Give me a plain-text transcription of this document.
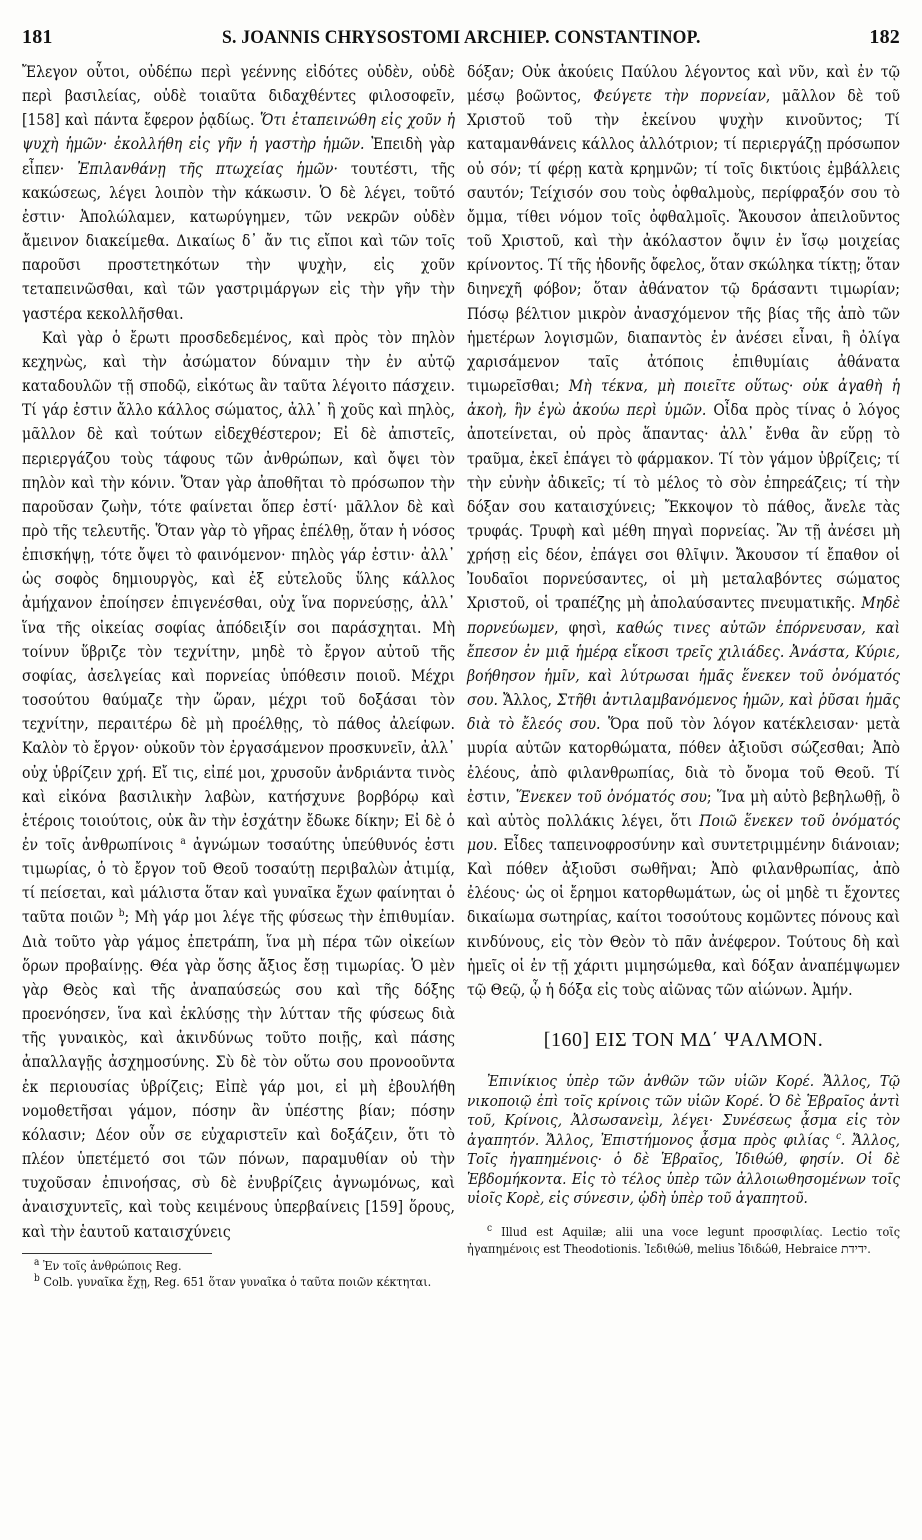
181	S. JOANNIS CHRYSOSTOMI ARCHIEP. CONSTANTINOP.	182

Ἔλεγον οὗτοι, οὐδέπω περὶ γεέννης εἰδότες οὐδὲν, οὐδὲ περὶ βασιλείας, οὐδὲ τοιαῦτα διδαχθέντες φιλοσοφεῖν, [158] καὶ πάντα ἔφερον ῥᾳδίως. Ὅτι ἐταπεινώθη εἰς χοῦν ἡ ψυχὴ ἡμῶν· ἐκολλήθη εἰς γῆν ἡ γαστὴρ ἡμῶν. Ἐπειδὴ γὰρ εἶπεν· Ἐπιλανθάνῃ τῆς πτωχείας ἡμῶν· τουτέστι, τῆς κακώσεως, λέγει λοιπὸν τὴν κάκωσιν. Ὁ δὲ λέγει, τοῦτό ἐστιν· Ἀπολώλαμεν, κατωρύγημεν, τῶν νεκρῶν οὐδὲν ἄμεινον διακείμεθα. Δικαίως δ᾽ ἄν τις εἴποι καὶ τῶν τοῖς παροῦσι προστετηκότων τὴν ψυχὴν, εἰς χοῦν τεταπεινῶσθαι, καὶ τῶν γαστριμάργων εἰς τὴν γῆν τὴν γαστέρα κεκολλῆσθαι.

Καὶ γὰρ ὁ ἔρωτι προσδεδεμένος, καὶ πρὸς τὸν πηλὸν κεχηνὼς, καὶ τὴν ἀσώματον δύναμιν τὴν ἐν αὐτῷ καταδουλῶν τῇ σποδῷ, εἰκότως ἂν ταῦτα λέγοιτο πάσχειν. Τί γάρ ἐστιν ἄλλο κάλλος σώματος, ἀλλ᾽ ἢ χοῦς καὶ πηλὸς, μᾶλλον δὲ καὶ τούτων εἰδεχθέστερον; Εἰ δὲ ἀπιστεῖς, περιεργάζου τοὺς τάφους τῶν ἀνθρώπων, καὶ ὄψει τὸν πηλὸν καὶ τὴν κόνιν. Ὅταν γὰρ ἀποθῆται τὸ πρόσωπον τὴν παροῦσαν ζωὴν, τότε φαίνεται ὅπερ ἐστί· μᾶλλον δὲ καὶ πρὸ τῆς τελευτῆς. Ὅταν γὰρ τὸ γῆρας ἐπέλθῃ, ὅταν ἡ νόσος ἐπισκήψῃ, τότε ὄψει τὸ φαινόμενον· πηλὸς γάρ ἐστιν· ἀλλ᾽ ὡς σοφὸς δημιουργὸς, καὶ ἐξ εὐτελοῦς ὕλης κάλλος ἀμήχανον ἐποίησεν ἐπιγενέσθαι, οὐχ ἵνα πορνεύσῃς, ἀλλ᾽ ἵνα τῆς οἰκείας σοφίας ἀπόδειξίν σοι παράσχηται. Μὴ τοίνυν ὕβριζε τὸν τεχνίτην, μηδὲ τὸ ἔργον αὐτοῦ τῆς σοφίας, ἀσελγείας καὶ πορνείας ὑπόθεσιν ποιοῦ. Μέχρι τοσούτου θαύμαζε τὴν ὥραν, μέχρι τοῦ δοξάσαι τὸν τεχνίτην, περαιτέρω δὲ μὴ προέλθῃς, τὸ πάθος ἀλείφων. Καλὸν τὸ ἔργον· οὐκοῦν τὸν ἐργασάμενον προσκυνεῖν, ἀλλ᾽ οὐχ ὑβρίζειν χρή. Εἴ τις, εἰπέ μοι, χρυσοῦν ἀνδριάντα τινὸς καὶ εἰκόνα βασιλικὴν λαβὼν, κατήσχυνε βορβόρῳ καὶ ἑτέροις τοιούτοις, οὐκ ἂν τὴν ἐσχάτην ἔδωκε δίκην; Εἰ δὲ ὁ ἐν τοῖς ἀνθρωπίνοις $^a$ ἀγνώμων τοσαύτης ὑπεύθυνός ἐστι τιμωρίας, ὁ τὸ ἔργον τοῦ Θεοῦ τοσαύτῃ περιβαλὼν ἀτιμίᾳ, τί πείσεται, καὶ μάλιστα ὅταν καὶ γυναῖκα ἔχων φαίνηται ὁ ταῦτα ποιῶν $^b$; Μὴ γάρ μοι λέγε τῆς φύσεως τὴν ἐπιθυμίαν. Διὰ τοῦτο γὰρ γάμος ἐπετράπη, ἵνα μὴ πέρα τῶν οἰκείων ὅρων προβαίνῃς. Θέα γὰρ ὅσης ἄξιος ἔσῃ τιμωρίας. Ὁ μὲν γὰρ Θεὸς καὶ τῆς ἀναπαύσεώς σου καὶ τῆς δόξης προενόησεν, ἵνα καὶ ἐκλύσῃς τὴν λύτταν τῆς φύσεως διὰ τῆς γυναικὸς, καὶ ἀκινδύνως τοῦτο ποιῇς, καὶ πάσης ἀπαλλαγῇς ἀσχημοσύνης. Σὺ δὲ τὸν οὕτω σου προνοοῦντα ἐκ περιουσίας ὑβρίζεις; Εἰπὲ γάρ μοι, εἰ μὴ ἐβουλήθη νομοθετῆσαι γάμον, πόσην ἂν ὑπέστης βίαν; πόσην κόλασιν; Δέον οὖν σε εὐχαριστεῖν καὶ δοξάζειν, ὅτι τὸ πλέον ὑπετέμετό σοι τῶν πόνων, παραμυθίαν οὐ τὴν τυχοῦσαν ἐπινοήσας, σὺ δὲ ἐνυβρίζεις ἀγνωμόνως, καὶ ἀναισχυντεῖς, καὶ τοὺς κειμένους ὑπερβαίνεις [159] ὅρους, καὶ τὴν ἑαυτοῦ καταισχύνεις

$^a$ Ἐν τοῖς ἀνθρώποις Reg.

$^b$ Colb. γυναῖκα ἔχῃ, Reg. 651 ὅταν γυναῖκα ὁ ταῦτα ποιῶν κέκτηται.

δόξαν; Οὐκ ἀκούεις Παύλου λέγοντος καὶ νῦν, καὶ ἐν τῷ μέσῳ βοῶντος, Φεύγετε τὴν πορνείαν, μᾶλλον δὲ τοῦ Χριστοῦ τοῦ τὴν ἐκείνου ψυχὴν κινοῦντος; Τί καταμανθάνεις κάλλος ἀλλότριον; τί περιεργάζῃ πρόσωπον οὐ σόν; τί φέρῃ κατὰ κρημνῶν; τί τοῖς δικτύοις ἐμβάλλεις σαυτόν; Τείχισόν σου τοὺς ὀφθαλμοὺς, περίφραξόν σου τὸ ὄμμα, τίθει νόμον τοῖς ὀφθαλμοῖς. Ἄκουσον ἀπειλοῦντος τοῦ Χριστοῦ, καὶ τὴν ἀκόλαστον ὄψιν ἐν ἴσῳ μοιχείας κρίνοντος. Τί τῆς ἡδονῆς ὄφελος, ὅταν σκώληκα τίκτῃ; ὅταν διηνεχῆ φόβον; ὅταν ἀθάνατον τῷ δράσαντι τιμωρίαν; Πόσῳ βέλτιον μικρὸν ἀνασχόμενον τῆς βίας τῆς ἀπὸ τῶν ἡμετέρων λογισμῶν, διαπαντὸς ἐν ἀνέσει εἶναι, ἢ ὀλίγα χαρισάμενον ταῖς ἀτόποις ἐπιθυμίαις ἀθάνατα τιμωρεῖσθαι; Μὴ τέκνα, μὴ ποιεῖτε οὕτως· οὐκ ἀγαθὴ ἡ ἀκοὴ, ἣν ἐγὼ ἀκούω περὶ ὑμῶν. Οἶδα πρὸς τίνας ὁ λόγος ἀποτείνεται, οὐ πρὸς ἅπαντας· ἀλλ᾽ ἔνθα ἂν εὕρῃ τὸ τραῦμα, ἐκεῖ ἐπάγει τὸ φάρμακον. Τί τὸν γάμον ὑβρίζεις; τί τὴν εὐνὴν ἀδικεῖς; τί τὸ μέλος τὸ σὸν ἐπηρεάζεις; τί τὴν δόξαν σου καταισχύνεις; Ἔκκοψον τὸ πάθος, ἄνελε τὰς τρυφάς. Τρυφὴ καὶ μέθη πηγαὶ πορνείας. Ἂν τῇ ἀνέσει μὴ χρήσῃ εἰς δέον, ἐπάγει σοι θλῖψιν. Ἄκουσον τί ἔπαθον οἱ Ἰουδαῖοι πορνεύσαντες, οἱ μὴ μεταλαβόντες σώματος Χριστοῦ, οἱ τραπέζης μὴ ἀπολαύσαντες πνευματικῆς. Μηδὲ πορνεύωμεν, φησὶ, καθώς τινες αὐτῶν ἐπόρνευσαν, καὶ ἔπεσον ἐν μιᾷ ἡμέρᾳ εἴκοσι τρεῖς χιλιάδες. Ἀνάστα, Κύριε, βοήθησον ἡμῖν, καὶ λύτρωσαι ἡμᾶς ἕνεκεν τοῦ ὀνόματός σου. Ἄλλος, Στῆθι ἀντιλαμβανόμενος ἡμῶν, καὶ ῥῦσαι ἡμᾶς διὰ τὸ ἔλεός σου. Ὅρα ποῦ τὸν λόγον κατέκλεισαν· μετὰ μυρία αὐτῶν κατορθώματα, πόθεν ἀξιοῦσι σώζεσθαι; Ἀπὸ ἐλέους, ἀπὸ φιλανθρωπίας, διὰ τὸ ὄνομα τοῦ Θεοῦ. Τί ἐστιν, Ἕνεκεν τοῦ ὀνόματός σου; Ἵνα μὴ αὐτὸ βεβηλωθῇ, ὃ καὶ αὐτὸς πολλάκις λέγει, ὅτι Ποιῶ ἕνεκεν τοῦ ὀνόματός μου. Εἶδες ταπεινοφροσύνην καὶ συντετριμμένην διάνοιαν; Καὶ πόθεν ἀξιοῦσι σωθῆναι; Ἀπὸ φιλανθρωπίας, ἀπὸ ἐλέους· ὡς οἱ ἔρημοι κατορθωμάτων, ὡς οἱ μηδὲ τι ἔχοντες δικαίωμα σωτηρίας, καίτοι τοσούτους κομῶντες πόνους καὶ κινδύνους, εἰς τὸν Θεὸν τὸ πᾶν ἀνέφερον. Τούτους δὴ καὶ ἡμεῖς οἱ ἐν τῇ χάριτι μιμησώμεθα, καὶ δόξαν ἀναπέμψωμεν τῷ Θεῷ, ᾧ ἡ δόξα εἰς τοὺς αἰῶνας τῶν αἰώνων. Ἀμήν.

[160] ΕΙΣ ΤΟΝ ΜΔ΄ ΨΑΛΜΟΝ.

Ἐπινίκιος ὑπὲρ τῶν ἀνθῶν τῶν υἱῶν Κορέ. Ἄλλος, Τῷ νικοποιῷ ἐπὶ τοῖς κρίνοις τῶν υἱῶν Κορέ. Ὁ δὲ Ἑβραῖος ἀντὶ τοῦ, Κρίνοις, Ἀλσωσανεὶμ, λέγει· Συνέσεως ᾆσμα εἰς τὸν ἀγαπητόν. Ἄλλος, Ἐπιστήμονος ᾆσμα πρὸς φιλίας $^c$. Ἄλλος, Τοῖς ἠγαπημένοις· ὁ δὲ Ἑβραῖος, Ἰδιθώθ, φησίν. Οἱ δὲ Ἑβδομήκοντα. Εἰς τὸ τέλος ὑπὲρ τῶν ἀλλοιωθησομένων τοῖς υἱοῖς Κορὲ, εἰς σύνεσιν, ᾠδὴ ὑπὲρ τοῦ ἀγαπητοῦ.

$^c$ Illud est Aquilæ; alii una voce legunt προσφιλίας. Lectio τοῖς ἠγαπημένοις est Theodotionis. Ἰεδιθώθ, melius Ἰδιδώθ, Hebraice ידידת.
